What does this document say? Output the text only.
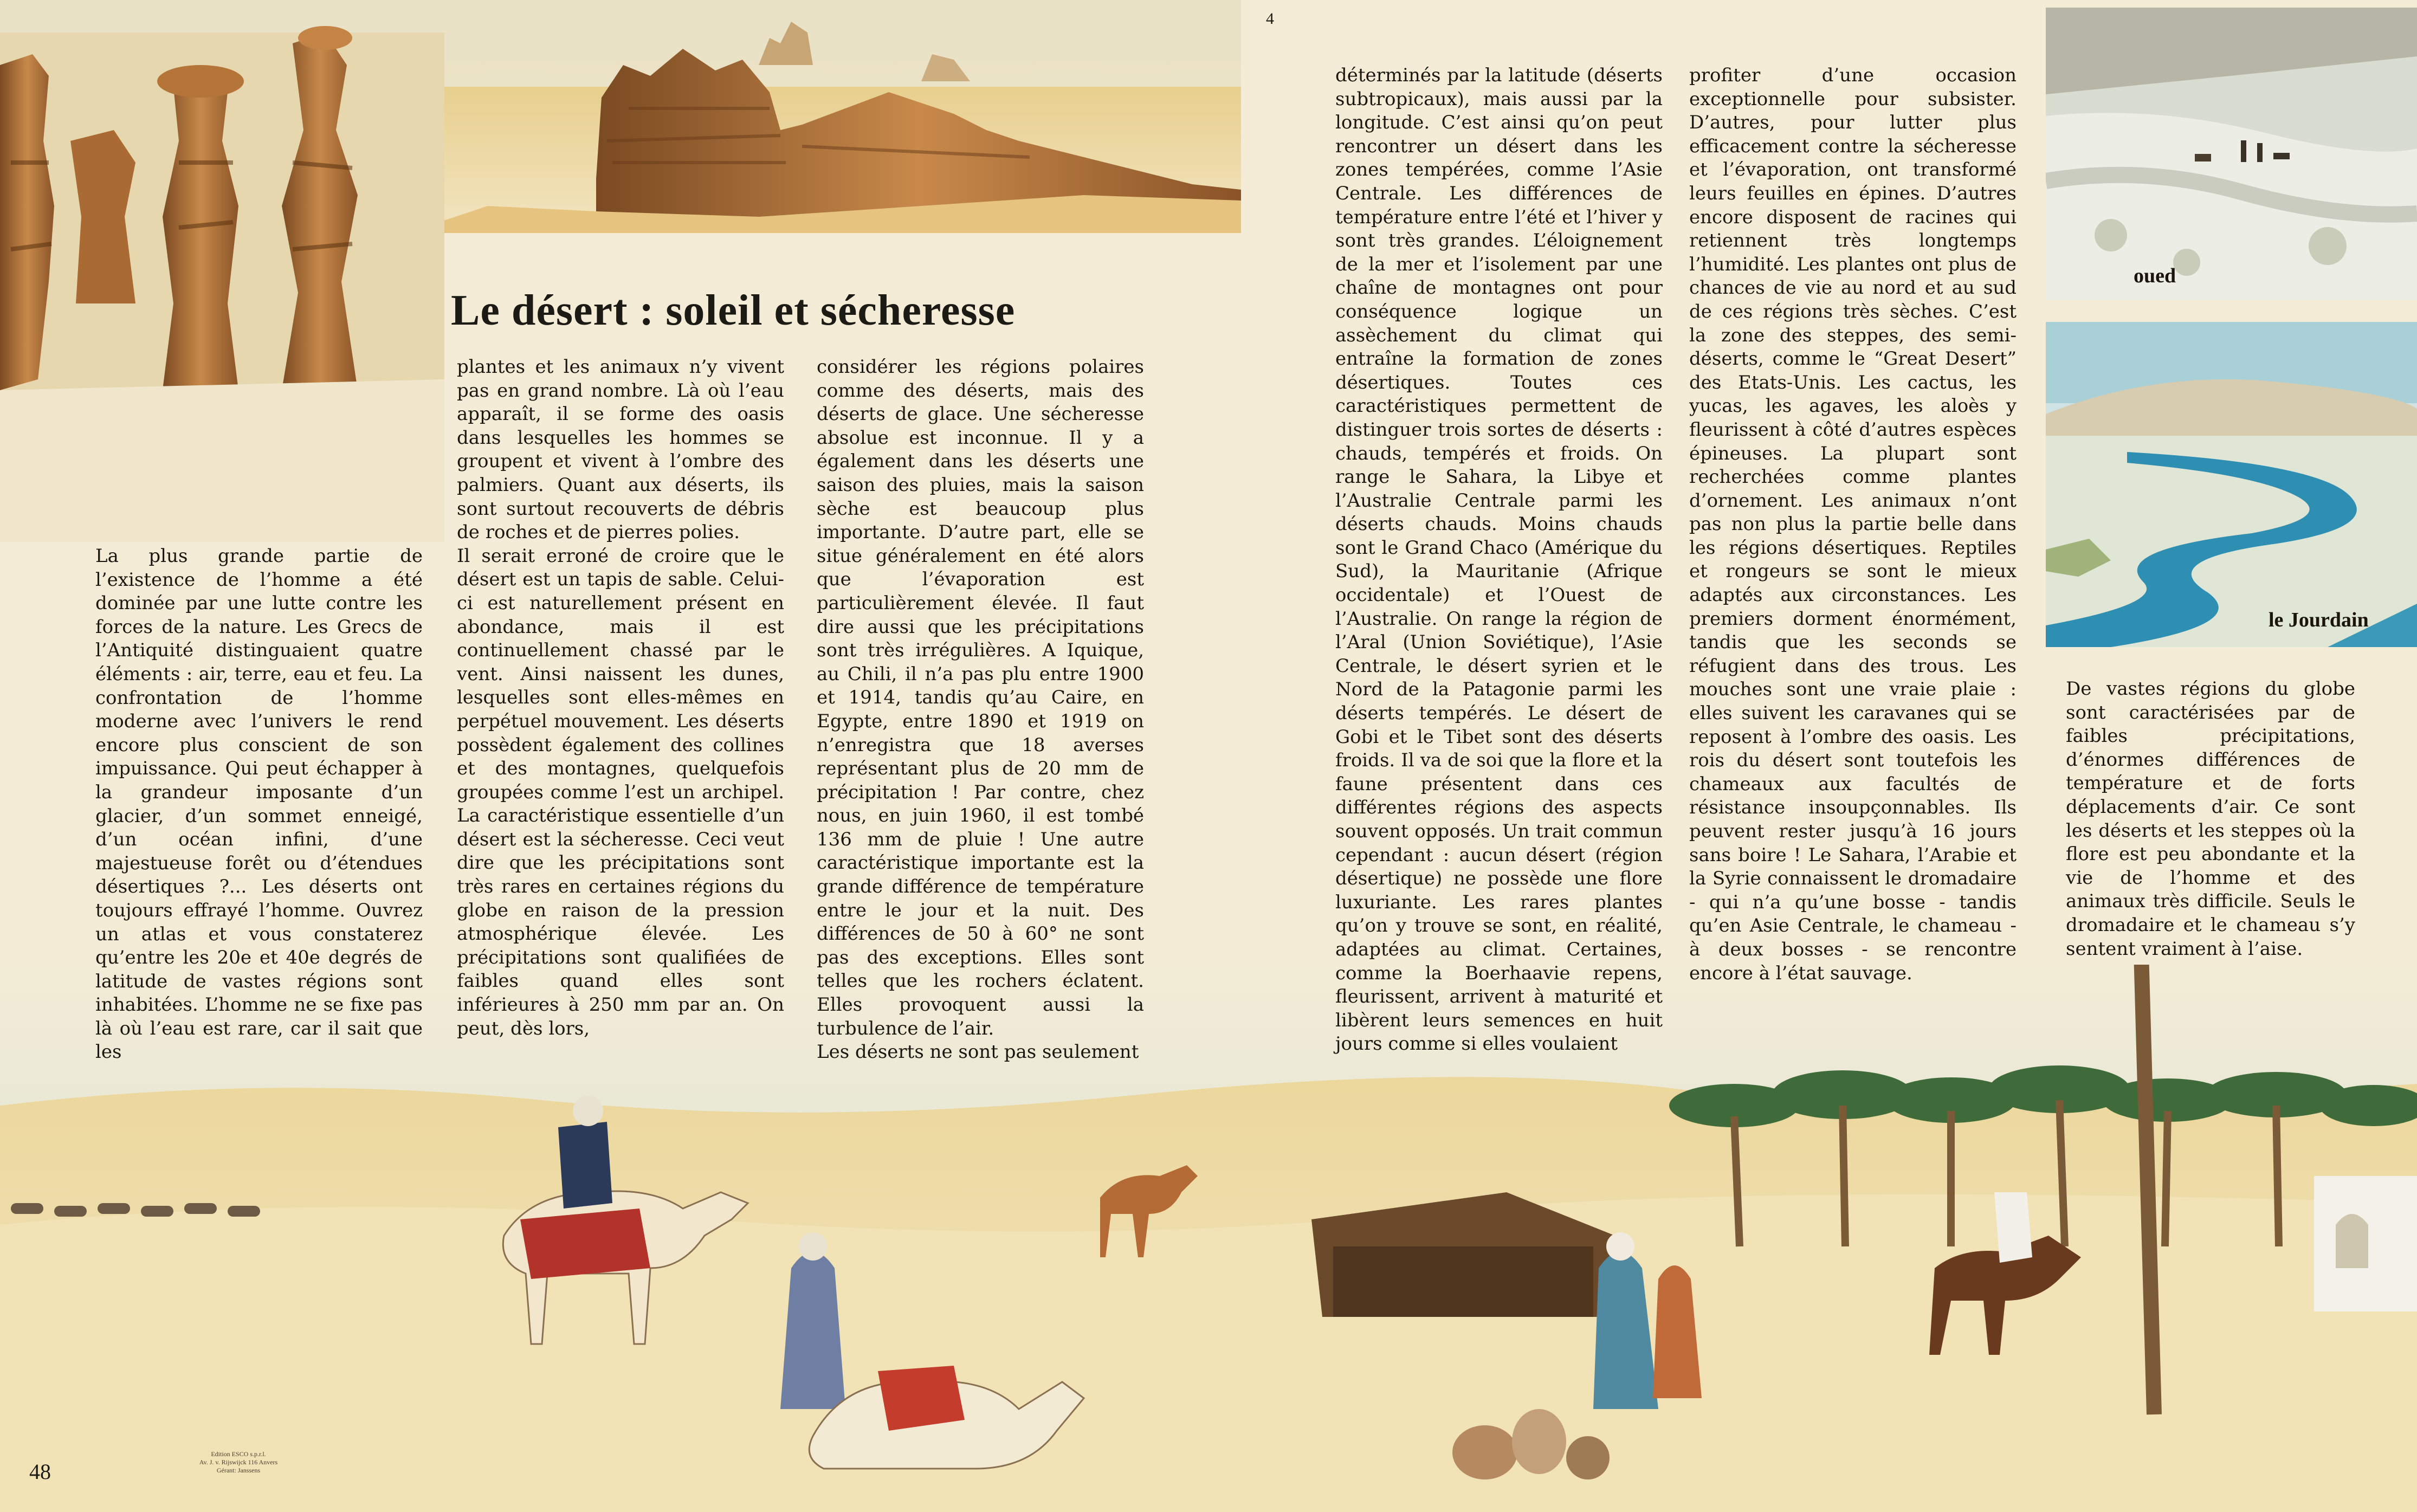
oued
le Jourdain
4
48
Le désert : soleil et sécheresse

La plus grande partie de l’existence de l’homme a été dominée par une lutte contre les forces de la nature. Les Grecs de l’Antiquité distinguaient quatre éléments : air, terre, eau et feu. La confrontation de l’homme moderne avec l’univers le rend encore plus conscient de son impuissance. Qui peut échapper à la grandeur imposante d’un glacier, d’un sommet enneigé, d’un océan infini, d’une majestueuse forêt ou d’étendues désertiques ?... Les déserts ont toujours effrayé l’homme. Ouvrez un atlas et vous constaterez qu’entre les 20e et 40e degrés de latitude de vastes régions sont inhabitées. L’homme ne se fixe pas là où l’eau est rare, car il sait que les

plantes et les animaux n’y vivent pas en grand nombre. Là où l’eau apparaît, il se forme des oasis dans lesquelles les hommes se groupent et vivent à l’ombre des palmiers. Quant aux déserts, ils sont surtout recouverts de débris de roches et de pierres polies.

Il serait erroné de croire que le désert est un tapis de sable. Celui-ci est naturellement présent en abondance, mais il est continuellement chassé par le vent. Ainsi naissent les dunes, lesquelles sont elles-mêmes en perpétuel mouvement. Les déserts possèdent également des collines et des montagnes, quelquefois groupées comme l’est un archipel. La caractéristique essentielle d’un désert est la sécheresse. Ceci veut dire que les précipitations sont très rares en certaines régions du globe en raison de la pression atmosphérique élevée. Les précipitations sont qualifiées de faibles quand elles sont inférieures à 250 mm par an. On peut, dès lors,

considérer les régions polaires comme des déserts, mais des déserts de glace. Une sécheresse absolue est inconnue. Il y a également dans les déserts une saison des pluies, mais la saison sèche est beaucoup plus importante. D’autre part, elle se situe généralement en été alors que l’évaporation est particulièrement élevée. Il faut dire aussi que les précipitations sont très irrégulières. A Iquique, au Chili, il n’a pas plu entre 1900 et 1914, tandis qu’au Caire, en Egypte, entre 1890 et 1919 on n’enregistra que 18 averses représentant plus de 20 mm de précipitation ! Par contre, chez nous, en juin 1960, il est tombé 136 mm de pluie ! Une autre caractéristique importante est la grande différence de température entre le jour et la nuit. Des différences de 50 à 60° ne sont pas des exceptions. Elles sont telles que les rochers éclatent. Elles provoquent aussi la turbulence de l’air.

Les déserts ne sont pas seulement

déterminés par la latitude (déserts subtropicaux), mais aussi par la longitude. C’est ainsi qu’on peut rencontrer un désert dans les zones tempérées, comme l’Asie Centrale. Les différences de température entre l’été et l’hiver y sont très grandes. L’éloignement de la mer et l’isolement par une chaîne de montagnes ont pour conséquence logique un assèchement du climat qui entraîne la formation de zones désertiques. Toutes ces caractéristiques permettent de distinguer trois sortes de déserts : chauds, tempérés et froids. On range le Sahara, la Libye et l’Australie Centrale parmi les déserts chauds. Moins chauds sont le Grand Chaco (Amérique du Sud), la Mauritanie (Afrique occidentale) et l’Ouest de l’Australie. On range la région de l’Aral (Union Soviétique), l’Asie Centrale, le désert syrien et le Nord de la Patagonie parmi les déserts tempérés. Le désert de Gobi et le Tibet sont des déserts froids. Il va de soi que la flore et la faune présentent dans ces différentes régions des aspects souvent opposés. Un trait commun cependant : aucun désert (région désertique) ne possède une flore luxuriante. Les rares plantes qu’on y trouve se sont, en réalité, adaptées au climat. Certaines, comme la Boerhaavie repens, fleurissent, arrivent à maturité et libèrent leurs semences en huit jours comme si elles voulaient

profiter d’une occasion exceptionnelle pour subsister. D’autres, pour lutter plus efficacement contre la sécheresse et l’évaporation, ont transformé leurs feuilles en épines. D’autres encore disposent de racines qui retiennent très longtemps l’humidité. Les plantes ont plus de chances de vie au nord et au sud de ces régions très sèches. C’est la zone des steppes, des semi-déserts, comme le “Great Desert” des Etats-Unis. Les cactus, les yucas, les agaves, les aloès y fleurissent à côté d’autres espèces épineuses. La plupart sont recherchées comme plantes d’ornement. Les animaux n’ont pas non plus la partie belle dans les régions désertiques. Reptiles et rongeurs se sont le mieux adaptés aux circonstances. Les premiers dorment énormément, tandis que les seconds se réfugient dans des trous. Les mouches sont une vraie plaie : elles suivent les caravanes qui se reposent à l’ombre des oasis. Les rois du désert sont toutefois les chameaux aux facultés de résistance insoupçonnables. Ils peuvent rester jusqu’à 16 jours sans boire ! Le Sahara, l’Arabie et la Syrie connaissent le dromadaire - qui n’a qu’une bosse - tandis qu’en Asie Centrale, le chameau - à deux bosses - se rencontre encore à l’état sauvage.

De vastes régions du globe sont caractérisées par de faibles précipitations, d’énormes différences de température et de forts déplacements d’air. Ce sont les déserts et les steppes où la flore est peu abondante et la vie de l’homme et des animaux très difficile. Seuls le dromadaire et le chameau s’y sentent vraiment à l’aise.

Edition ESCO s.p.r.l.
Av. J. v. Rijswijck 116 Anvers
Gérant: Janssens
